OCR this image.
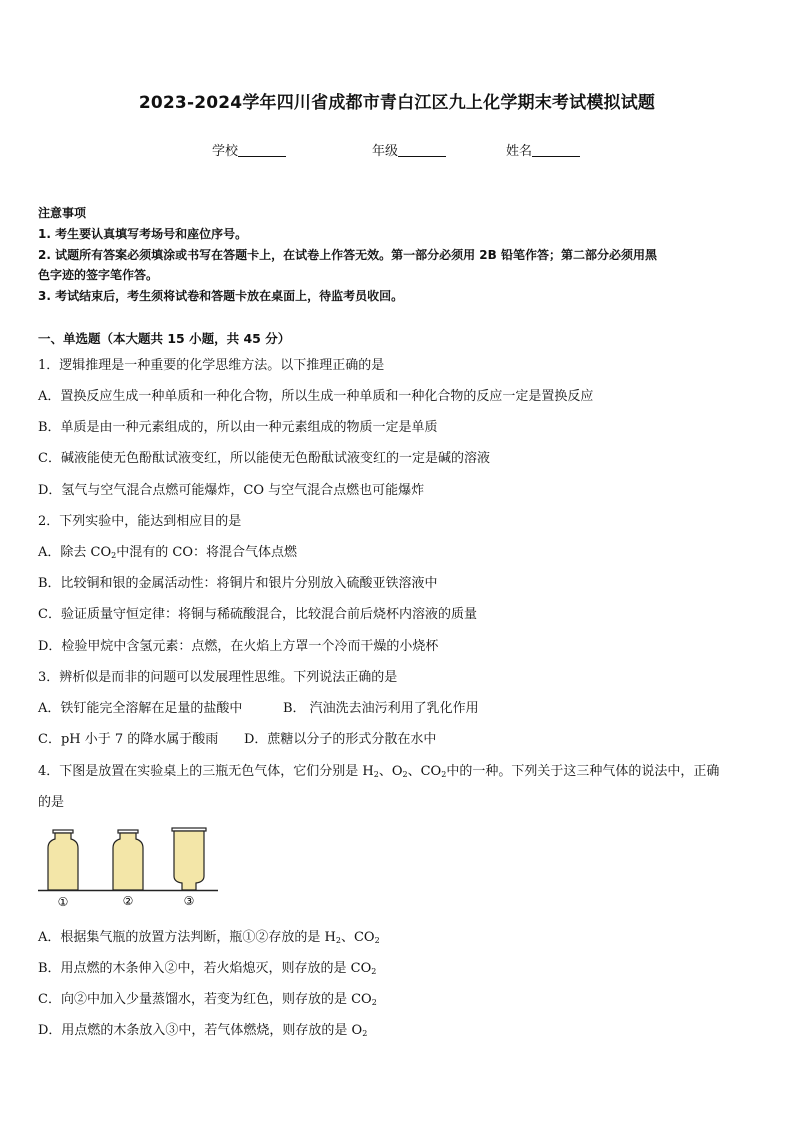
2023-2024学年四川省成都市青白江区九上化学期末考试模拟试题
学校	年级	姓名
注意事项
1. 考生要认真填写考场号和座位序号。
2. 试题所有答案必须填涂或书写在答题卡上，在试卷上作答无效。第一部分必须用 2B 铅笔作答；第二部分必须用黑
色字迹的签字笔作答。
3. 考试结束后，考生须将试卷和答题卡放在桌面上，待监考员收回。
一、单选题（本大题共 15 小题，共 45 分）
1．逻辑推理是一种重要的化学思维方法。以下推理正确的是
A．置换反应生成一种单质和一种化合物，所以生成一种单质和一种化合物的反应一定是置换反应
B．单质是由一种元素组成的，所以由一种元素组成的物质一定是单质
C．碱液能使无色酚酞试液变红，所以能使无色酚酞试液变红的一定是碱的溶液
D．氢气与空气混合点燃可能爆炸，CO 与空气混合点燃也可能爆炸
2．下列实验中，能达到相应目的是
A．除去 $CO_2$中混有的 CO：将混合气体点燃
B．比较铜和银的金属活动性：将铜片和银片分别放入硫酸亚铁溶液中
C．验证质量守恒定律：将铜与稀硫酸混合，比较混合前后烧杯内溶液的质量
D．检验甲烷中含氢元素：点燃，在火焰上方罩一个冷而干燥的小烧杯
3．辨析似是而非的问题可以发展理性思维。下列说法正确的是
A．铁钉能完全溶解在足量的盐酸中	B． 汽油洗去油污利用了乳化作用
C．pH 小于 7 的降水属于酸雨 D．蔗糖以分子的形式分散在水中
4．下图是放置在实验桌上的三瓶无色气体，它们分别是 $H_2$、$O_2$、$CO_2$中的一种。下列关于这三种气体的说法中，正确
的是
①	②	③
A．根据集气瓶的放置方法判断，瓶①②存放的是 $H_2$、$CO_2$
B．用点燃的木条伸入②中，若火焰熄灭，则存放的是 $CO_2$
C．向②中加入少量蒸馏水，若变为红色，则存放的是 $CO_2$
D．用点燃的木条放入③中，若气体燃烧，则存放的是 $O_2$
